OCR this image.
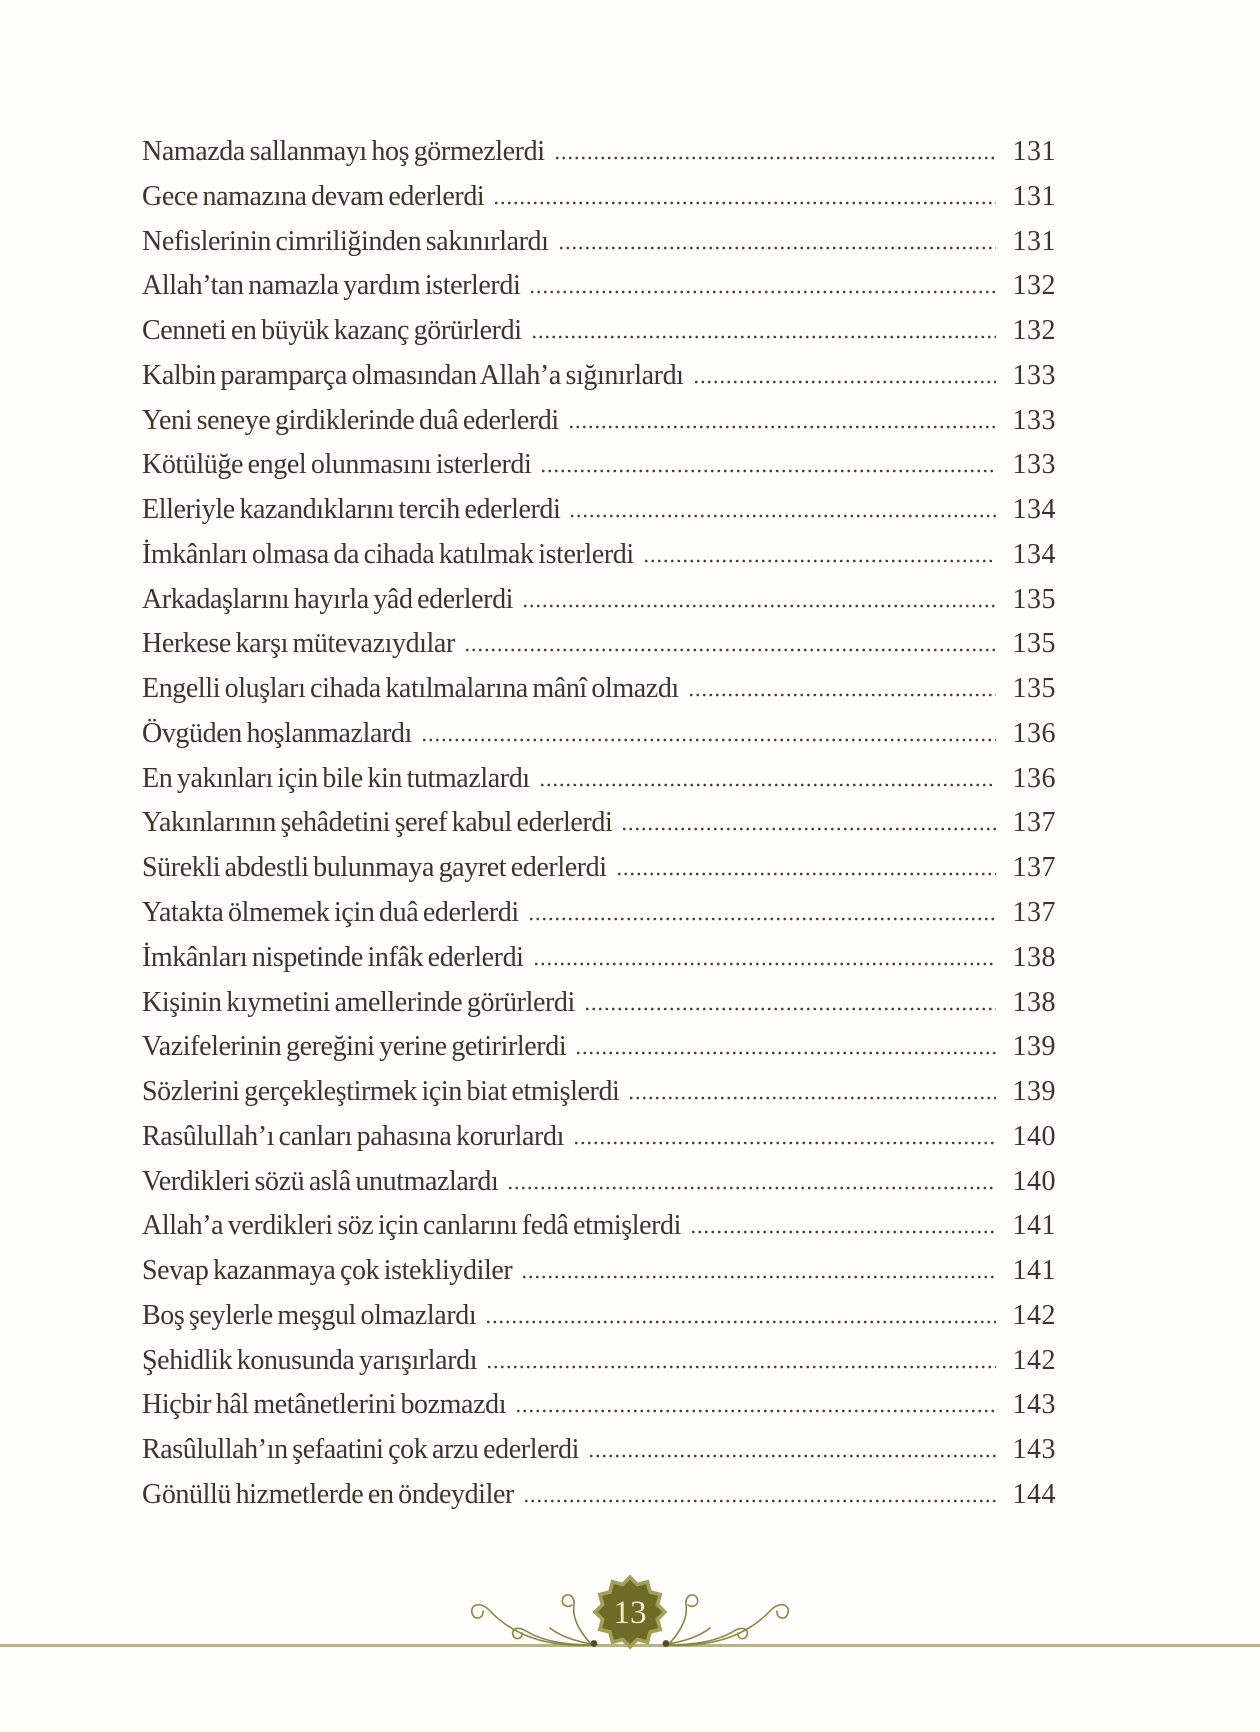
Namazda sallanmayı hoş görmezlerdi	131
Gece namazına devam ederlerdi	131
Nefislerinin cimriliğinden sakınırlardı	131
Allah’tan namazla yardım isterlerdi	132
Cenneti en büyük kazanç görürlerdi	132
Kalbin paramparça olmasından Allah’a sığınırlardı	133
Yeni seneye girdiklerinde duâ ederlerdi	133
Kötülüğe engel olunmasını isterlerdi	133
Elleriyle kazandıklarını tercih ederlerdi	134
İmkânları olmasa da cihada katılmak isterlerdi	134
Arkadaşlarını hayırla yâd ederlerdi	135
Herkese karşı mütevazıydılar	135
Engelli oluşları cihada katılmalarına mânî olmazdı	135
Övgüden hoşlanmazlardı	136
En yakınları için bile kin tutmazlardı	136
Yakınlarının şehâdetini şeref kabul ederlerdi	137
Sürekli abdestli bulunmaya gayret ederlerdi	137
Yatakta ölmemek için duâ ederlerdi	137
İmkânları nispetinde infâk ederlerdi	138
Kişinin kıymetini amellerinde görürlerdi	138
Vazifelerinin gereğini yerine getirirlerdi	139
Sözlerini gerçekleştirmek için biat etmişlerdi	139
Rasûlullah’ı canları pahasına korurlardı	140
Verdikleri sözü aslâ unutmazlardı	140
Allah’a verdikleri söz için canlarını fedâ etmişlerdi	141
Sevap kazanmaya çok istekliydiler	141
Boş şeylerle meşgul olmazlardı	142
Şehidlik konusunda yarışırlardı	142
Hiçbir hâl metânetlerini bozmazdı	143
Rasûlullah’ın şefaatini çok arzu ederlerdi	143
Gönüllü hizmetlerde en öndeydiler	144
13
